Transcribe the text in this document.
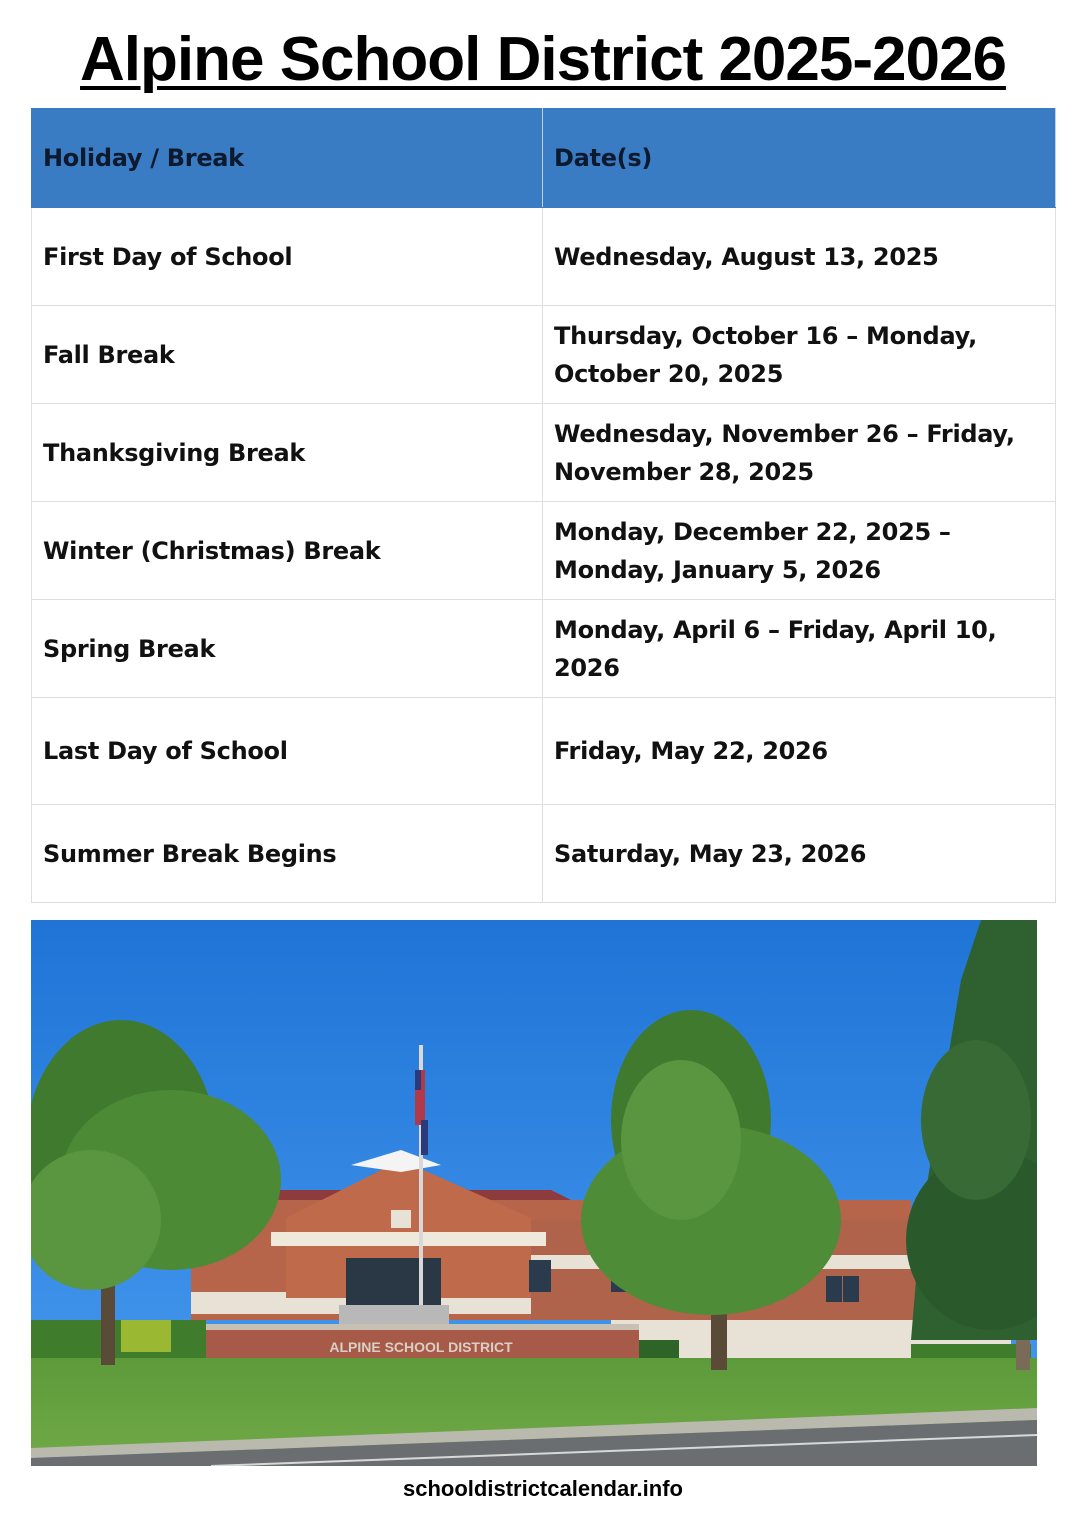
Alpine School District 2025-2026
Holiday / Break	Date(s)
First Day of School	Wednesday, August 13, 2025
Fall Break	Thursday, October 16 – Monday, October 20, 2025
Thanksgiving Break	Wednesday, November 26 – Friday, November 28, 2025
Winter (Christmas) Break	Monday, December 22, 2025 – Monday, January 5, 2026
Spring Break	Monday, April 6 – Friday, April 10, 2026
Last Day of School	Friday, May 22, 2026
Summer Break Begins	Saturday, May 23, 2026
ALPINE SCHOOL DISTRICT
schooldistrictcalendar.info
